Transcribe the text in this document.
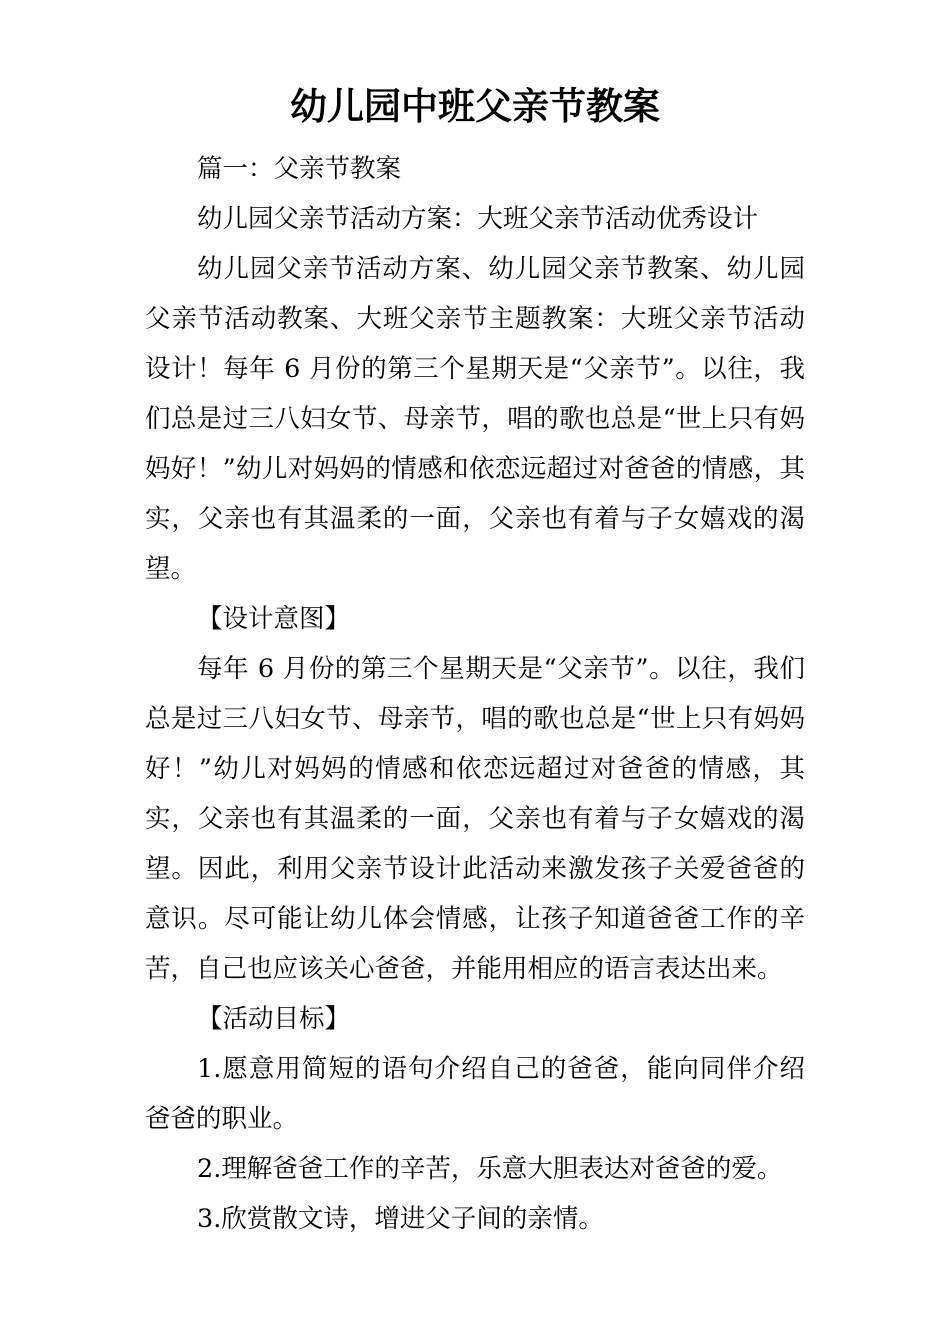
幼儿园中班父亲节教案

篇一：父亲节教案

幼儿园父亲节活动方案：大班父亲节活动优秀设计

幼儿园父亲节活动方案、幼儿园父亲节教案、幼儿园父亲节活动教案、大班父亲节主题教案：大班父亲节活动设计！每年 6 月份的第三个星期天是“父亲节”。以往，我们总是过三八妇女节、母亲节，唱的歌也总是“世上只有妈妈好！”幼儿对妈妈的情感和依恋远超过对爸爸的情感，其实，父亲也有其温柔的一面，父亲也有着与子女嬉戏的渴望。

【设计意图】

每年 6 月份的第三个星期天是“父亲节”。以往，我们总是过三八妇女节、母亲节，唱的歌也总是“世上只有妈妈好！”幼儿对妈妈的情感和依恋远超过对爸爸的情感，其实，父亲也有其温柔的一面，父亲也有着与子女嬉戏的渴望。因此，利用父亲节设计此活动来激发孩子关爱爸爸的意识。尽可能让幼儿体会情感，让孩子知道爸爸工作的辛苦，自己也应该关心爸爸，并能用相应的语言表达出来。

【活动目标】

1.愿意用简短的语句介绍自己的爸爸，能向同伴介绍爸爸的职业。

2.理解爸爸工作的辛苦，乐意大胆表达对爸爸的爱。

3.欣赏散文诗，增进父子间的亲情。
